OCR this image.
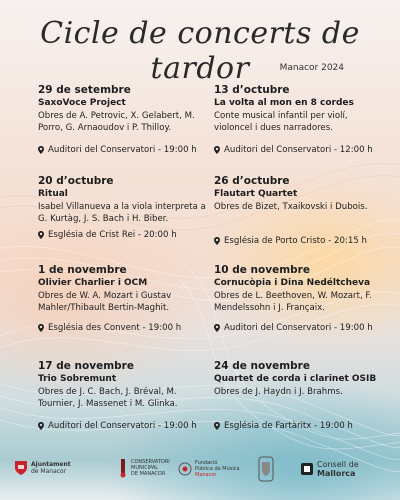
Cicle de concerts de tardor	Manacor 2024
29 de setembre
SaxoVoce Project
Obres de A. Petrovic, X. Gelabert, M. Porro, G. Arnaoudov i P. Thilloy.
Auditori del Conservatori - 19:00 h
13 d’octubre
La volta al mon en 8 cordes
Conte musical infantil per violí, violoncel i dues narradores.
Auditori del Conservatori - 12:00 h
20 d’octubre
Ritual
Isabel Villanueva a la viola interpreta a G. Kurtàg, J. S. Bach i H. Biber.
Església de Crist Rei - 20:00 h
26 d’octubre
Flautart Quartet
Obres de Bizet, Txaikovski i Dubois.
Església de Porto Cristo - 20:15 h
1 de novembre
Olivier Charlier i OCM
Obres de W. A. Mozart i Gustav Mahler/Thibault Bertin-Maghit.
Església des Convent - 19:00 h
10 de novembre
Cornucòpia i Dina Nedéltcheva
Obres de L. Beethoven, W. Mozart, F. Mendelssohn i J. Françaix.
Auditori del Conservatori - 19:00 h
17 de novembre
Trio Sobremunt
Obres de J. C. Bach, J. Bréval, M. Tournier, J. Massenet i M. Glinka.
Auditori del Conservatori - 19:00 h
24 de novembre
Quartet de corda i clarinet OSIB
Obres de J. Haydn i J. Brahms.
Església de Fartàritx - 19:00 h
Ajuntament
de Manacor
CONSERVATORI
MUNICIPAL
DE MANACOR
Fundació
Pública de Música
Manacor
Consell de
Mallorca
